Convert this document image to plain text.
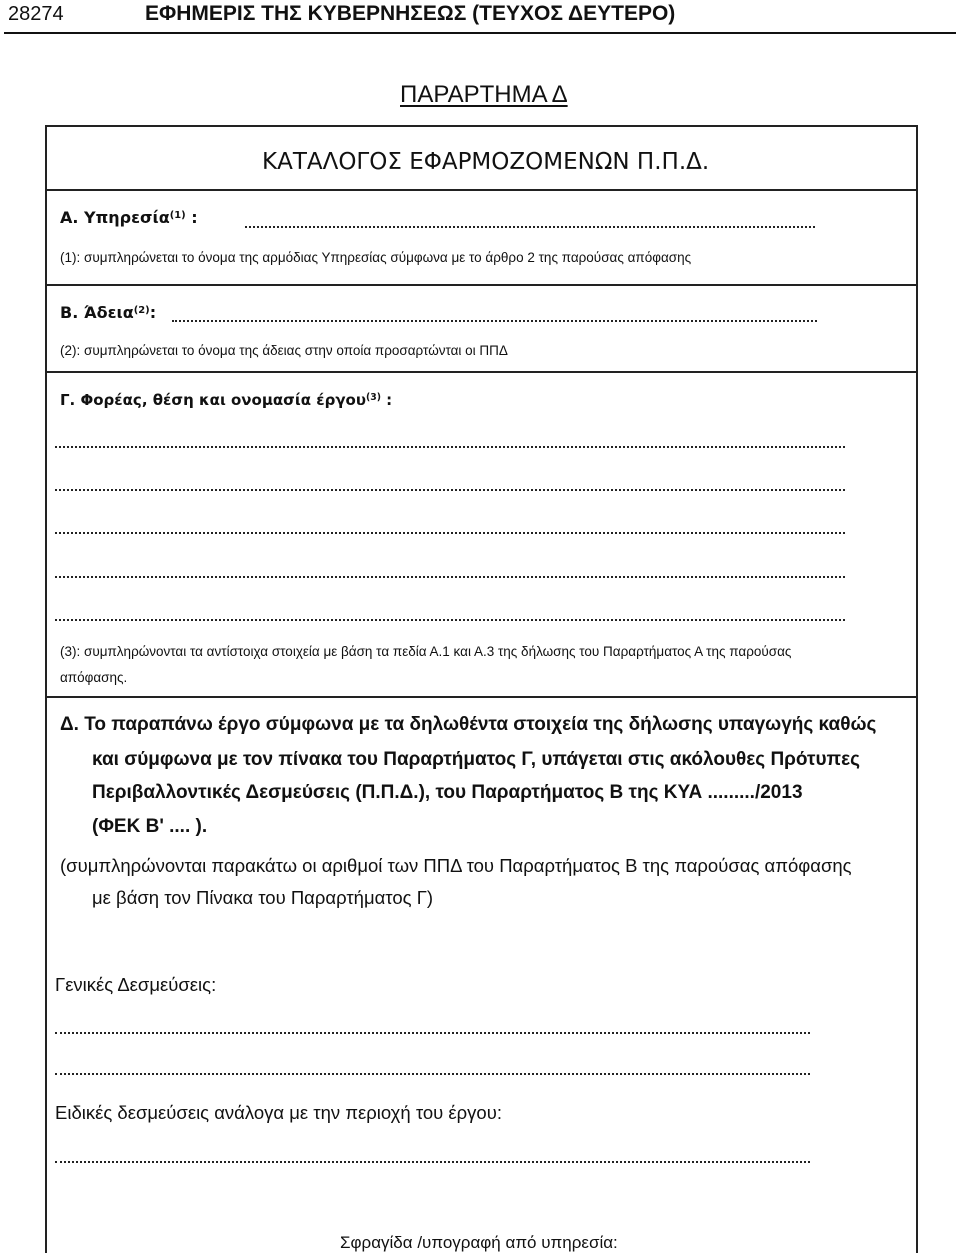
28274	ΕΦΗΜΕΡΙΣ ΤΗΣ ΚΥΒΕΡΝΗΣΕΩΣ (ΤΕΥΧΟΣ ΔΕΥΤΕΡΟ)
ΠΑΡΑΡΤΗΜΑ Δ
ΚΑΤΑΛΟΓΟΣ ΕΦΑΡΜΟΖΟΜΕΝΩΝ Π.Π.Δ.
Α. Υπηρεσία$^{(1)}$ :
(1): συμπληρώνεται το όνομα της αρμόδιας Υπηρεσίας σύμφωνα με το άρθρο 2 της παρούσας απόφασης
Β. Άδεια$^{(2)}$:
(2): συμπληρώνεται το όνομα της άδειας στην οποία προσαρτώνται οι ΠΠΔ
Γ. Φορέας, θέση και ονομασία έργου$^{(3)}$ :
(3): συμπληρώνονται τα αντίστοιχα στοιχεία με βάση τα πεδία Α.1 και Α.3 της δήλωσης του Παραρτήματος Α της παρούσας
απόφασης.
Δ. Το παραπάνω έργο σύμφωνα με τα δηλωθέντα στοιχεία της δήλωσης υπαγωγής καθώς
και σύμφωνα με τον πίνακα του Παραρτήματος Γ, υπάγεται στις ακόλουθες Πρότυπες
Περιβαλλοντικές Δεσμεύσεις (Π.Π.Δ.), του Παραρτήματος Β της ΚΥΑ ........./2013
(ΦΕΚ Β' .... ).
(συμπληρώνονται παρακάτω οι αριθμοί των ΠΠΔ του Παραρτήματος Β της παρούσας απόφασης
με βάση τον Πίνακα του Παραρτήματος Γ)
Γενικές Δεσμεύσεις:
Ειδικές δεσμεύσεις ανάλογα με την περιοχή του έργου:
Σφραγίδα /υπογραφή από υπηρεσία:
